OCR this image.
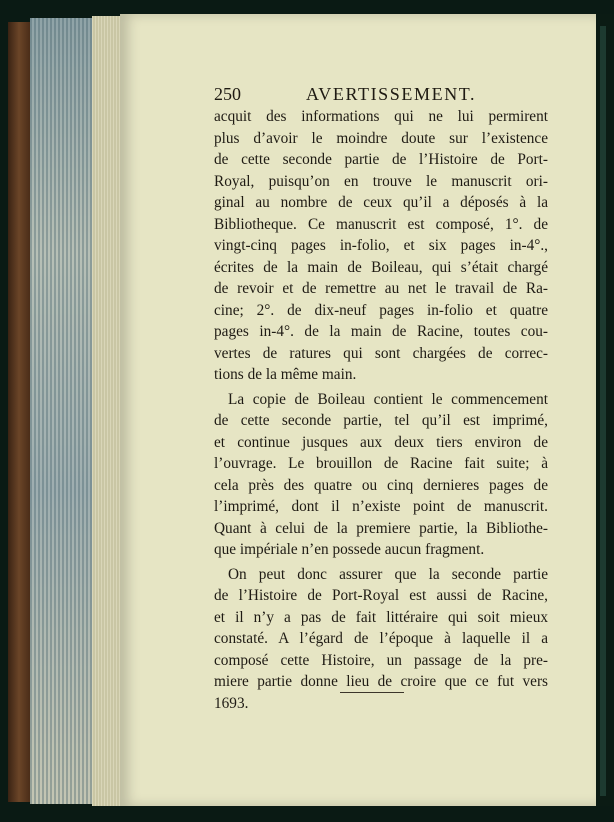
250	AVERTISSEMENT.
acquit des informations qui ne lui permirent
plus d’avoir le moindre doute sur l’existence
de cette seconde partie de l’Histoire de Port-
Royal, puisqu’on en trouve le manuscrit ori-
ginal au nombre de ceux qu’il a déposés à la
Bibliotheque. Ce manuscrit est composé, 1°. de
vingt-cinq pages in-folio, et six pages in-4°.,
écrites de la main de Boileau, qui s’était chargé
de revoir et de remettre au net le travail de Ra-
cine; 2°. de dix-neuf pages in-folio et quatre
pages in-4°. de la main de Racine, toutes cou-
vertes de ratures qui sont chargées de correc-
tions de la même main.
La copie de Boileau contient le commencement
de cette seconde partie, tel qu’il est imprimé,
et continue jusques aux deux tiers environ de
l’ouvrage. Le brouillon de Racine fait suite; à
cela près des quatre ou cinq dernieres pages de
l’imprimé, dont il n’existe point de manuscrit.
Quant à celui de la premiere partie, la Bibliothe-
que impériale n’en possede aucun fragment.
On peut donc assurer que la seconde partie
de l’Histoire de Port-Royal est aussi de Racine,
et il n’y a pas de fait littéraire qui soit mieux
constaté. A l’égard de l’époque à laquelle il a
composé cette Histoire, un passage de la pre-
miere partie donne lieu de croire que ce fut vers
1693.
